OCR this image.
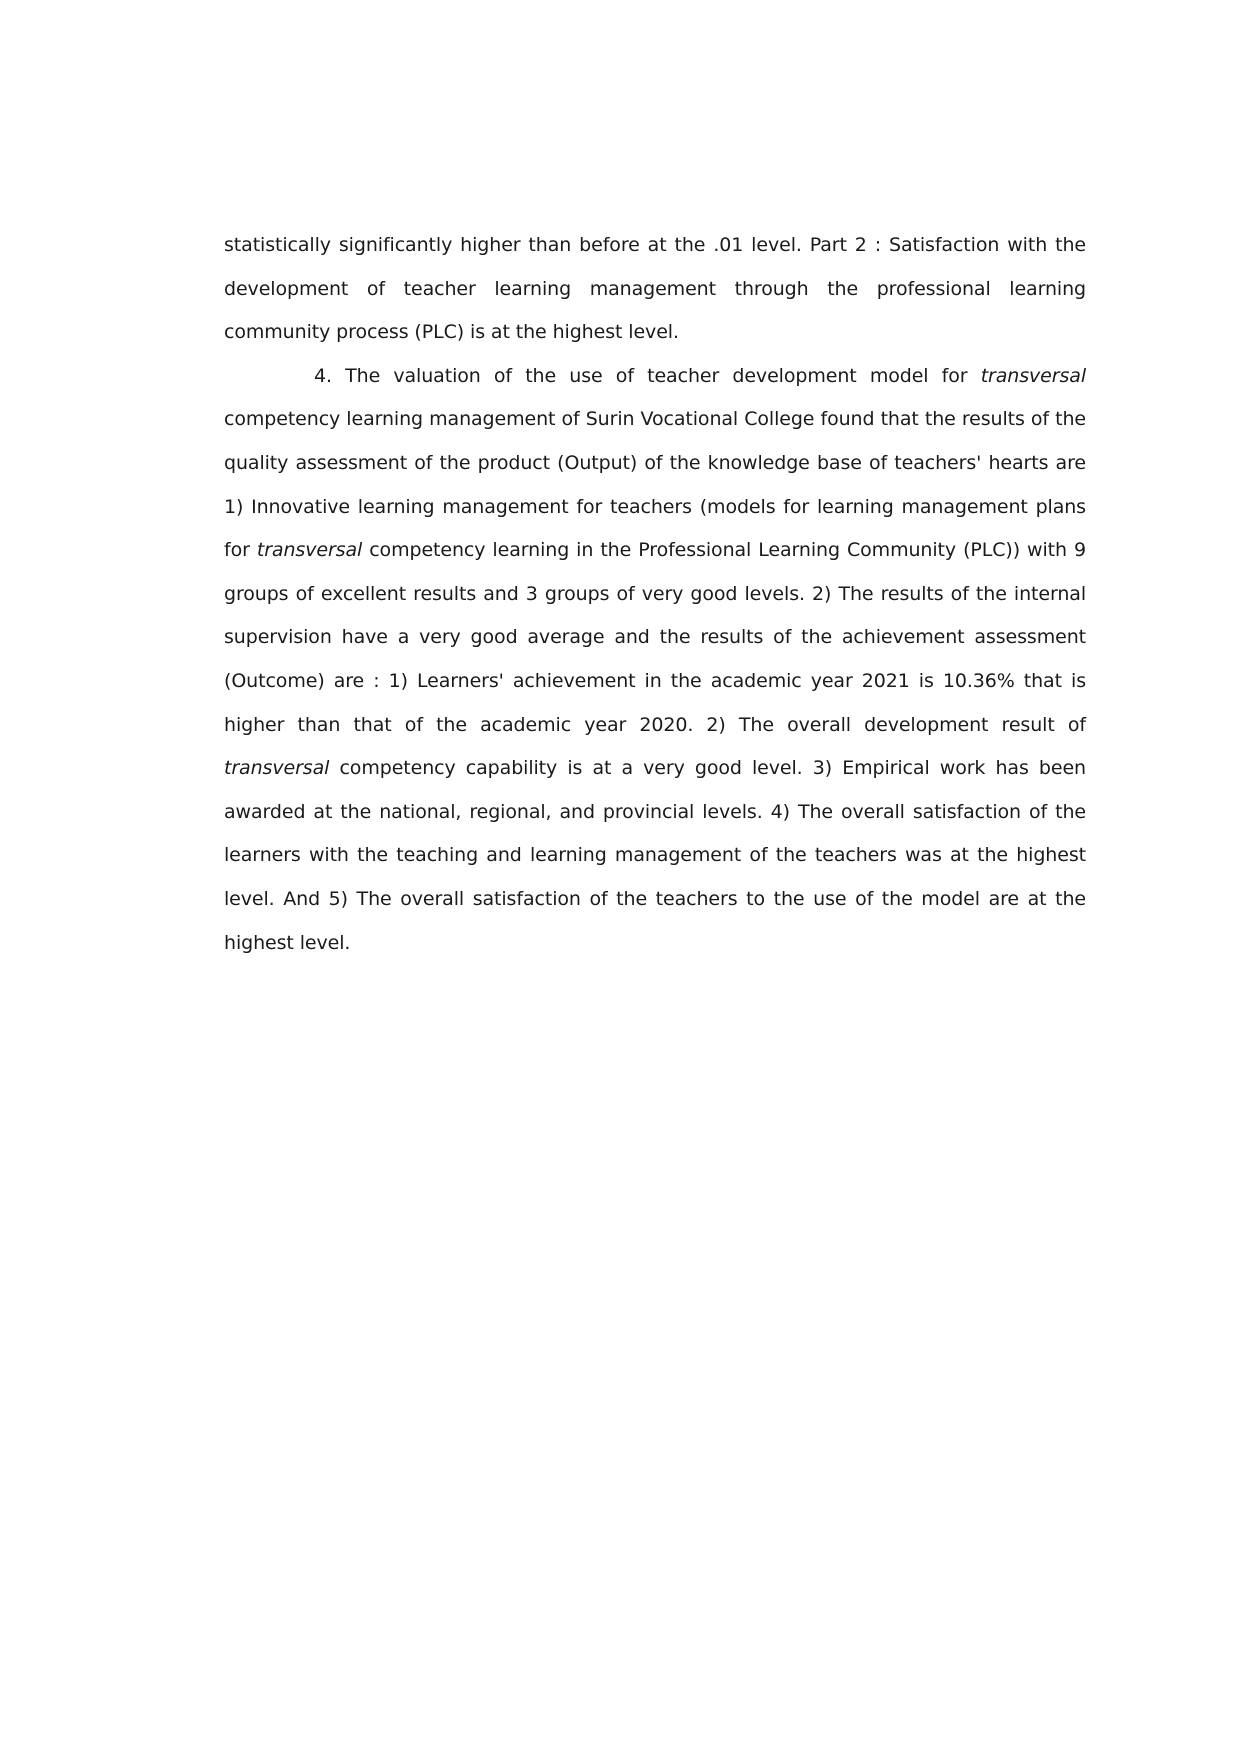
statistically significantly higher than before at the .01 level. Part 2 : Satisfaction with the development of teacher learning management through the professional learning community process (PLC) is at the highest level.

4. The valuation of the use of teacher development model for transversal competency learning management of Surin Vocational College found that the results of the quality assessment of the product (Output) of the knowledge base of teachers' hearts are 1) Innovative learning management for teachers (models for learning management plans for transversal competency learning in the Professional Learning Community (PLC)) with 9 groups of excellent results and 3 groups of very good levels. 2) The results of the internal supervision have a very good average and the results of the achievement assessment (Outcome) are : 1) Learners' achievement in the academic year 2021 is 10.36% that is higher than that of the academic year 2020. 2) The overall development result of transversal competency capability is at a very good level. 3) Empirical work has been awarded at the national, regional, and provincial levels. 4) The overall satisfaction of the learners with the teaching and learning management of the teachers was at the highest level. And 5) The overall satisfaction of the teachers to the use of the model are at the highest level.
